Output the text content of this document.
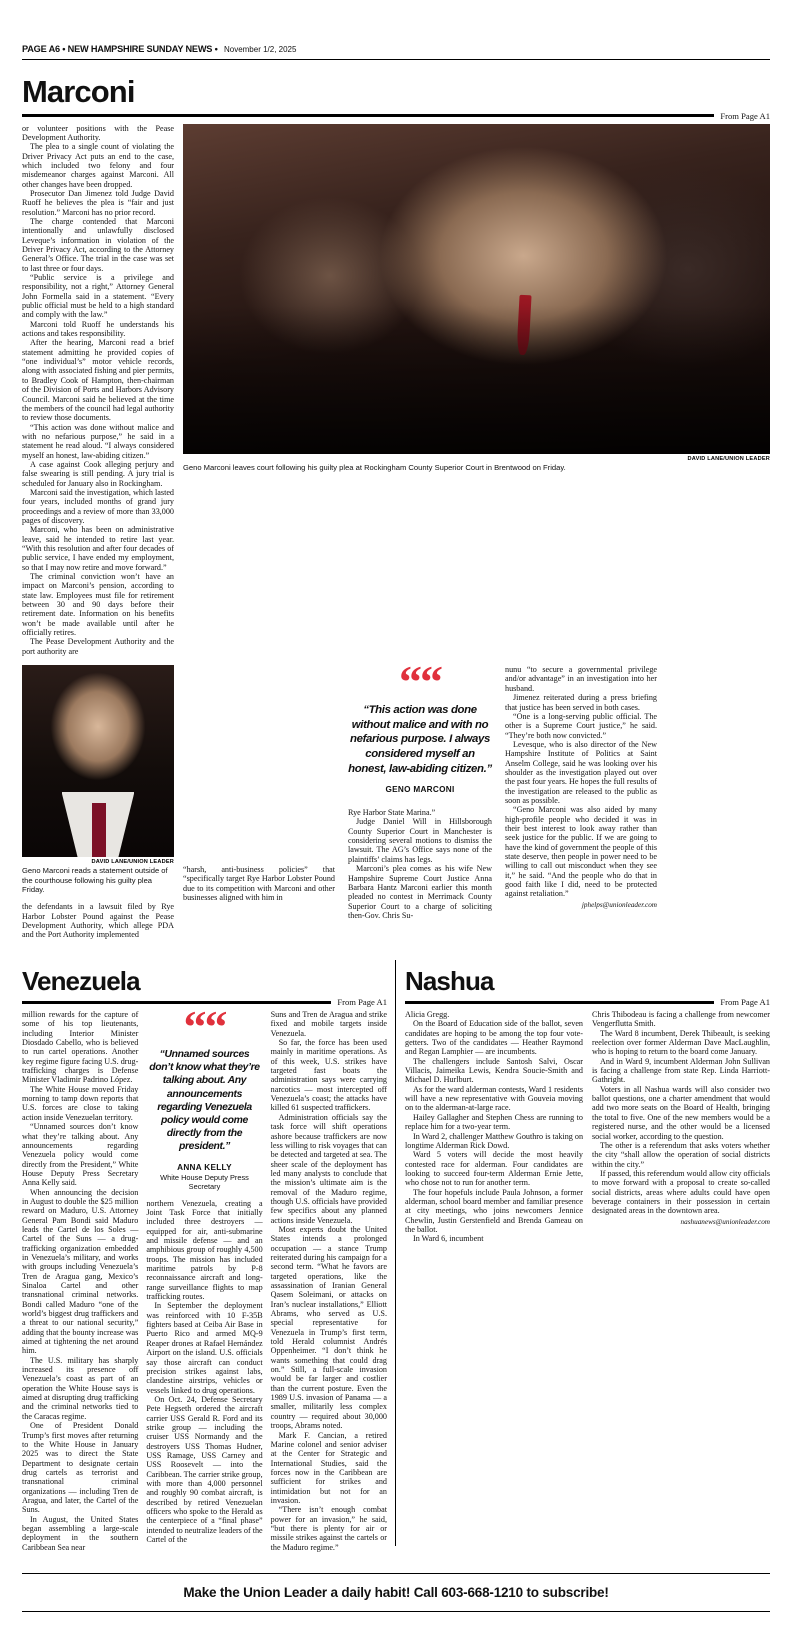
PAGE A6 • NEW HAMPSHIRE SUNDAY NEWS • November 1/2, 2025
Marconi
From Page A1

or volunteer positions with the Pease Development Authority.

The plea to a single count of violating the Driver Privacy Act puts an end to the case, which included two felony and four misdemeanor charges against Marconi. All other changes have been dropped.

Prosecutor Dan Jimenez told Judge David Ruoff he believes the plea is “fair and just resolution.” Marconi has no prior record.

The charge contended that Marconi intentionally and unlawfully disclosed Leveque’s information in violation of the Driver Privacy Act, according to the Attorney General’s Office. The trial in the case was set to last three or four days.

“Public service is a privilege and responsibility, not a right,” Attorney General John Formella said in a statement. “Every public official must be held to a high standard and comply with the law.”

Marconi told Ruoff he understands his actions and takes responsibility.

After the hearing, Marconi read a brief statement admitting he provided copies of “one individual’s” motor vehicle records, along with associated fishing and pier permits, to Bradley Cook of Hampton, then-chairman of the Division of Ports and Harbors Advisory Council. Marconi said he believed at the time the members of the council had legal authority to review those documents.

“This action was done without malice and with no nefarious purpose,” he said in a statement he read aloud. “I always considered myself an honest, law-abiding citizen.”

A case against Cook alleging perjury and false swearing is still pending. A jury trial is scheduled for January also in Rockingham.

Marconi said the investigation, which lasted four years, included months of grand jury proceedings and a review of more than 33,000 pages of discovery.

Marconi, who has been on administrative leave, said he intended to retire last year. “With this resolution and after four decades of public service, I have ended my employment, so that I may now retire and move forward.”

The criminal conviction won’t have an impact on Marconi’s pension, according to state law. Employees must file for retirement between 30 and 90 days before their retirement date. Information on his benefits won’t be made available until after he officially retires.

The Pease Development Authority and the port authority are

DAVID LANE/UNION LEADER
Geno Marconi leaves court following his guilty plea at Rockingham County Superior Court in Brentwood on Friday.
DAVID LANE/UNION LEADER
Geno Marconi reads a statement outside of the courthouse following his guilty plea Friday.

the defendants in a lawsuit filed by Rye Harbor Lobster Pound against the Pease Development Authority, which allege PDA and the Port Authority implemented

“harsh, anti-business policies” that “specifically target Rye Harbor Lobster Pound due to its competition with Marconi and other businesses aligned with him in

““
“This action was done without malice and with no nefarious purpose. I always considered myself an honest, law-abiding citizen.”
GENO MARCONI

Rye Harbor State Marina.”

Judge Daniel Will in Hillsborough County Superior Court in Manchester is considering several motions to dismiss the lawsuit. The AG’s Office says none of the plaintiffs’ claims has legs.

Marconi’s plea comes as his wife New Hampshire Supreme Court Justice Anna Barbara Hantz Marconi earlier this month pleaded no contest in Merrimack County Superior Court to a charge of soliciting then-Gov. Chris Su-

nunu “to secure a governmental privilege and/or advantage” in an investigation into her husband.

Jimenez reiterated during a press briefing that justice has been served in both cases.

“One is a long-serving public official. The other is a Supreme Court justice,” he said. “They’re both now convicted.”

Levesque, who is also director of the New Hampshire Institute of Politics at Saint Anselm College, said he was looking over his shoulder as the investigation played out over the past four years. He hopes the full results of the investigation are released to the public as soon as possible.

“Geno Marconi was also aided by many high-profile people who decided it was in their best interest to look away rather than seek justice for the public. If we are going to have the kind of government the people of this state deserve, then people in power need to be willing to call out misconduct when they see it,” he said. “And the people who do that in good faith like I did, need to be protected against retaliation.”

jphelps@unionleader.com

Venezuela
From Page A1

million rewards for the capture of some of his top lieutenants, including Interior Minister Diosdado Cabello, who is believed to run cartel operations. Another key regime figure facing U.S. drug-trafficking charges is Defense Minister Vladimir Padrino López.

The White House moved Friday morning to tamp down reports that U.S. forces are close to taking action inside Venezuelan territory.

“Unnamed sources don’t know what they’re talking about. Any announcements regarding Venezuela policy would come directly from the President,” White House Deputy Press Secretary Anna Kelly said.

When announcing the decision in August to double the $25 million reward on Maduro, U.S. Attorney General Pam Bondi said Maduro leads the Cartel de los Soles — Cartel of the Suns — a drug-trafficking organization embedded in Venezuela’s military, and works with groups including Venezuela’s Tren de Aragua gang, Mexico’s Sinaloa Cartel and other transnational criminal networks. Bondi called Maduro “one of the world’s biggest drug traffickers and a threat to our national security,” adding that the bounty increase was aimed at tightening the net around him.

The U.S. military has sharply increased its presence off Venezuela’s coast as part of an operation the White House says is aimed at disrupting drug trafficking and the criminal networks tied to the Caracas regime.

One of President Donald Trump’s first moves after returning to the White House in January 2025 was to direct the State Department to designate certain drug cartels as terrorist and transnational criminal organizations — including Tren de Aragua, and later, the Cartel of the Suns.

In August, the United States began assembling a large-scale deployment in the southern Caribbean Sea near

““
“Unnamed sources don’t know what they’re talking about. Any announcements regarding Venezuela policy would come directly from the president.”
ANNA KELLY
White House Deputy Press Secretary

northern Venezuela, creating a Joint Task Force that initially included three destroyers — equipped for air, anti-submarine and missile defense — and an amphibious group of roughly 4,500 troops. The mission has included maritime patrols by P-8 reconnaissance aircraft and long-range surveillance flights to map trafficking routes.

In September the deployment was reinforced with 10 F-35B fighters based at Ceiba Air Base in Puerto Rico and armed MQ-9 Reaper drones at Rafael Hernández Airport on the island. U.S. officials say those aircraft can conduct precision strikes against labs, clandestine airstrips, vehicles or vessels linked to drug operations.

On Oct. 24, Defense Secretary Pete Hegseth ordered the aircraft carrier USS Gerald R. Ford and its strike group — including the cruiser USS Normandy and the destroyers USS Thomas Hudner, USS Ramage, USS Carney and USS Roosevelt — into the Caribbean. The carrier strike group, with more than 4,000 personnel and roughly 90 combat aircraft, is described by retired Venezuelan officers who spoke to the Herald as the centerpiece of a “final phase” intended to neutralize leaders of the Cartel of the

Suns and Tren de Aragua and strike fixed and mobile targets inside Venezuela.

So far, the force has been used mainly in maritime operations. As of this week, U.S. strikes have targeted fast boats the administration says were carrying narcotics — most intercepted off Venezuela’s coast; the attacks have killed 61 suspected traffickers.

Administration officials say the task force will shift operations ashore because traffickers are now less willing to risk voyages that can be detected and targeted at sea. The sheer scale of the deployment has led many analysts to conclude that the mission’s ultimate aim is the removal of the Maduro regime, though U.S. officials have provided few specifics about any planned actions inside Venezuela.

Most experts doubt the United States intends a prolonged occupation — a stance Trump reiterated during his campaign for a second term. “What he favors are targeted operations, like the assassination of Iranian General Qasem Soleimani, or attacks on Iran’s nuclear installations,” Elliott Abrams, who served as U.S. special representative for Venezuela in Trump’s first term, told Herald columnist Andrés Oppenheimer. “I don’t think he wants something that could drag on.” Still, a full-scale invasion would be far larger and costlier than the current posture. Even the 1989 U.S. invasion of Panama — a smaller, militarily less complex country — required about 30,000 troops, Abrams noted.

Mark F. Cancian, a retired Marine colonel and senior adviser at the Center for Strategic and International Studies, said the forces now in the Caribbean are sufficient for strikes and intimidation but not for an invasion.

“There isn’t enough combat power for an invasion,” he said, “but there is plenty for air or missile strikes against the cartels or the Maduro regime.”

Nashua
From Page A1

Alicia Gregg.

On the Board of Education side of the ballot, seven candidates are hoping to be among the top four vote-getters. Two of the candidates — Heather Raymond and Regan Lamphier — are incumbents.

The challengers include Santosh Salvi, Oscar Villacis, Jaimeika Lewis, Kendra Soucie-Smith and Michael D. Hurlburt.

As for the ward alderman contests, Ward 1 residents will have a new representative with Gouveia moving on to the alderman-at-large race.

Hailey Gallagher and Stephen Chess are running to replace him for a two-year term.

In Ward 2, challenger Matthew Gouthro is taking on longtime Alderman Rick Dowd.

Ward 5 voters will decide the most heavily contested race for alderman. Four candidates are looking to succeed four-term Alderman Ernie Jette, who chose not to run for another term.

The four hopefuls include Paula Johnson, a former alderman, school board member and familiar presence at city meetings, who joins newcomers Jennice Chewlin, Justin Gerstenfield and Brenda Gameau on the ballot.

In Ward 6, incumbent

Chris Thibodeau is facing a challenge from newcomer Vengerflutta Smith.

The Ward 8 incumbent, Derek Thibeault, is seeking reelection over former Alderman Dave MacLaughlin, who is hoping to return to the board come January.

And in Ward 9, incumbent Alderman John Sullivan is facing a challenge from state Rep. Linda Harriott-Gathright.

Voters in all Nashua wards will also consider two ballot questions, one a charter amendment that would add two more seats on the Board of Health, bringing the total to five. One of the new members would be a registered nurse, and the other would be a licensed social worker, according to the question.

The other is a referendum that asks voters whether the city “shall allow the operation of social districts within the city.”

If passed, this referendum would allow city officials to move forward with a proposal to create so-called social districts, areas where adults could have open beverage containers in their possession in certain designated areas in the downtown area.

nashuanews@unionleader.com

Make the Union Leader a daily habit! Call 603-668-1210 to subscribe!
